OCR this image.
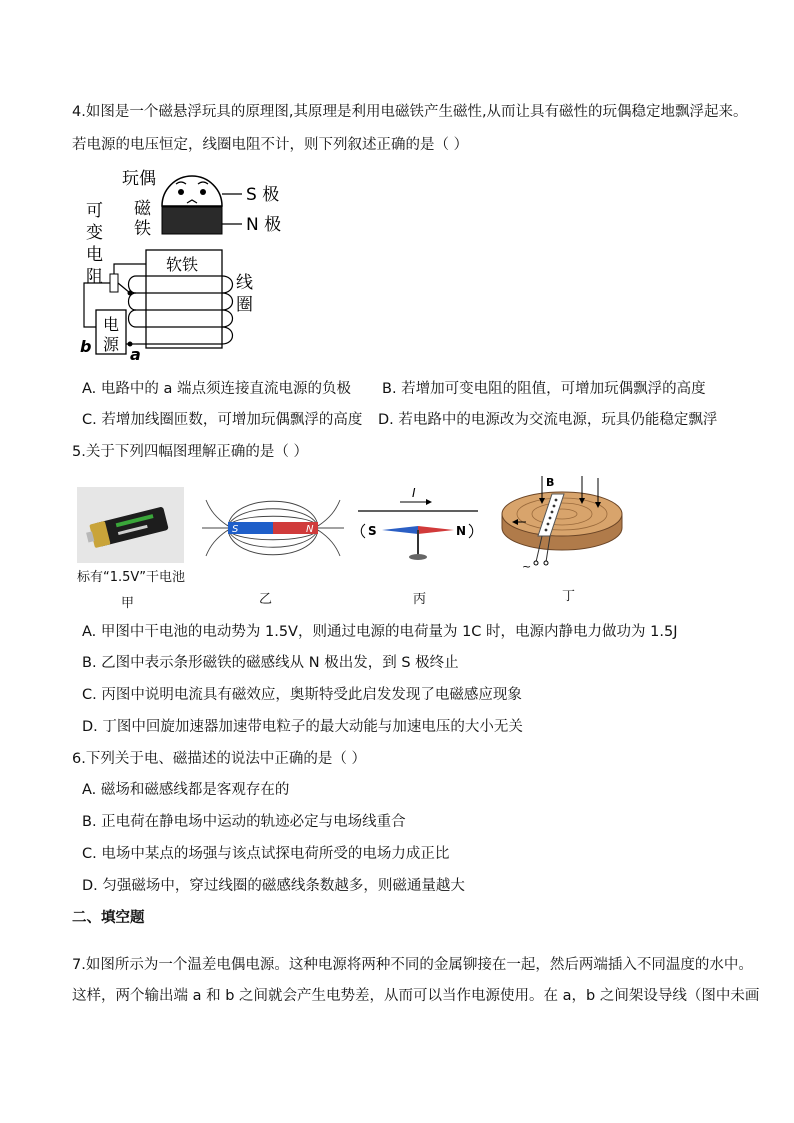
4.如图是一个磁悬浮玩具的原理图,其原理是利用电磁铁产生磁性,从而让具有磁性的玩偶稳定地飘浮起来。
若电源的电压恒定，线圈电阻不计，则下列叙述正确的是（ ）
玩偶
磁
铁
S 极
N 极
可
变
电
阻
软铁
线
圈
电
源
b a
A. 电路中的 a 端点须连接直流电源的负极 B. 若增加可变电阻的阻值，可增加玩偶飘浮的高度
C. 若增加线圈匝数，可增加玩偶飘浮的高度 D. 若电路中的电源改为交流电源，玩具仍能稳定飘浮
5.关于下列四幅图理解正确的是（ ）
标有“1.5V”干电池
甲
S	N
乙
I
S	N
丙
B
~
丁
A. 甲图中干电池的电动势为 1.5V，则通过电源的电荷量为 1C 时，电源内静电力做功为 1.5J
B. 乙图中表示条形磁铁的磁感线从 N 极出发，到 S 极终止
C. 丙图中说明电流具有磁效应，奥斯特受此启发发现了电磁感应现象
D. 丁图中回旋加速器加速带电粒子的最大动能与加速电压的大小无关
6.下列关于电、磁描述的说法中正确的是（ ）
A. 磁场和磁感线都是客观存在的
B. 正电荷在静电场中运动的轨迹必定与电场线重合
C. 电场中某点的场强与该点试探电荷所受的电场力成正比
D. 匀强磁场中，穿过线圈的磁感线条数越多，则磁通量越大
二、填空题
7.如图所示为一个温差电偶电源。这种电源将两种不同的金属铆接在一起，然后两端插入不同温度的水中。
这样，两个输出端 a 和 b 之间就会产生电势差，从而可以当作电源使用。在 a，b 之间架设导线（图中未画
